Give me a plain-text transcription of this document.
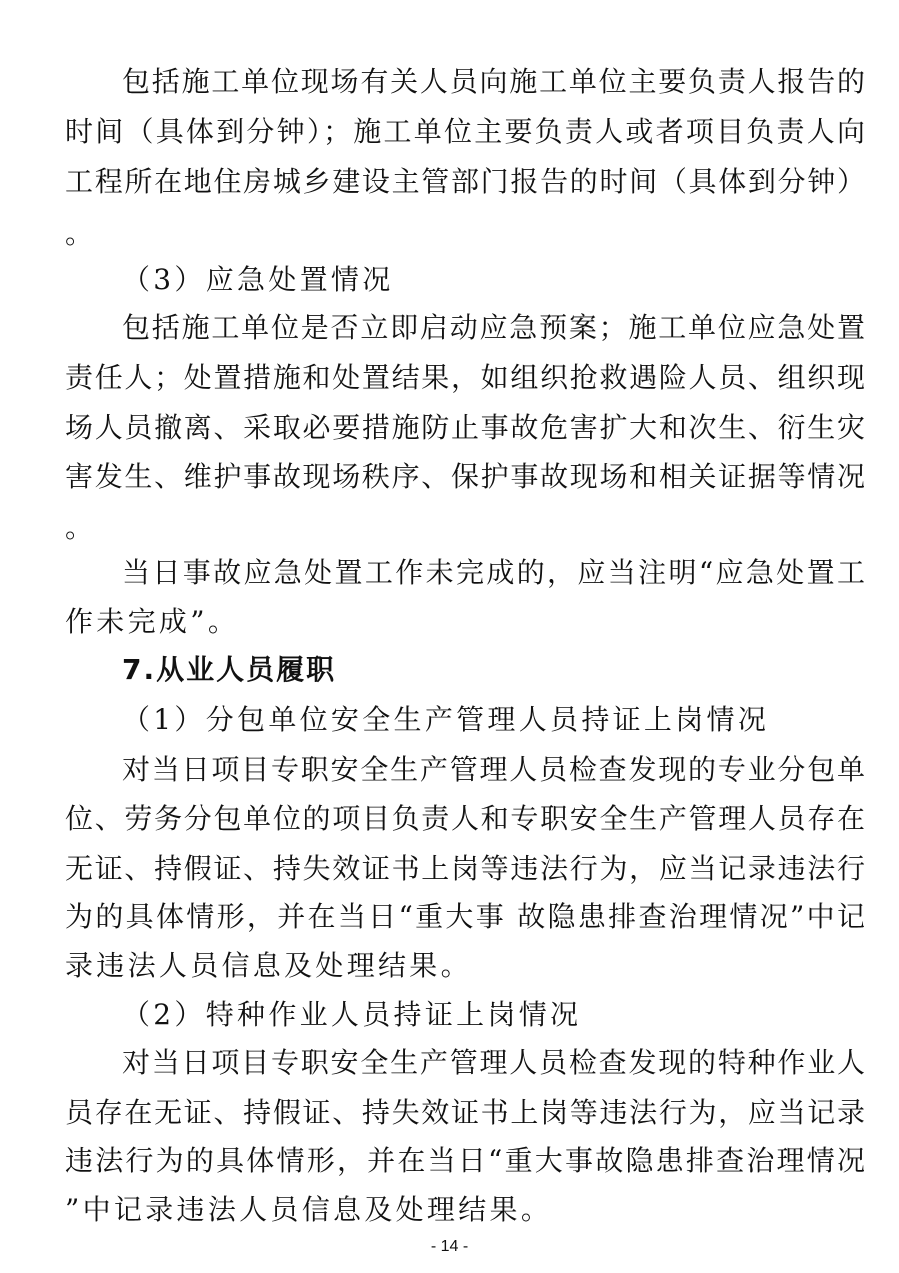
包括施工单位现场有关人员向施工单位主要负责人报告的

时间（具体到分钟）；施工单位主要负责人或者项目负责人向

工程所在地住房城乡建设主管部门报告的时间（具体到分钟）

。

（3）应急处置情况

包括施工单位是否立即启动应急预案；施工单位应急处置

责任人；处置措施和处置结果，如组织抢救遇险人员、组织现

场人员撤离、采取必要措施防止事故危害扩大和次生、衍生灾

害发生、维护事故现场秩序、保护事故现场和相关证据等情况

。

当日事故应急处置工作未完成的，应当注明“应急处置工

作未完成”。

7.从业人员履职

（1）分包单位安全生产管理人员持证上岗情况

对当日项目专职安全生产管理人员检查发现的专业分包单

位、劳务分包单位的项目负责人和专职安全生产管理人员存在

无证、持假证、持失效证书上岗等违法行为，应当记录违法行

为的具体情形，并在当日“重大事 故隐患排查治理情况”中记

录违法人员信息及处理结果。

（2）特种作业人员持证上岗情况

对当日项目专职安全生产管理人员检查发现的特种作业人

员存在无证、持假证、持失效证书上岗等违法行为，应当记录

违法行为的具体情形，并在当日“重大事故隐患排查治理情况

”中记录违法人员信息及处理结果。

- 14 -
